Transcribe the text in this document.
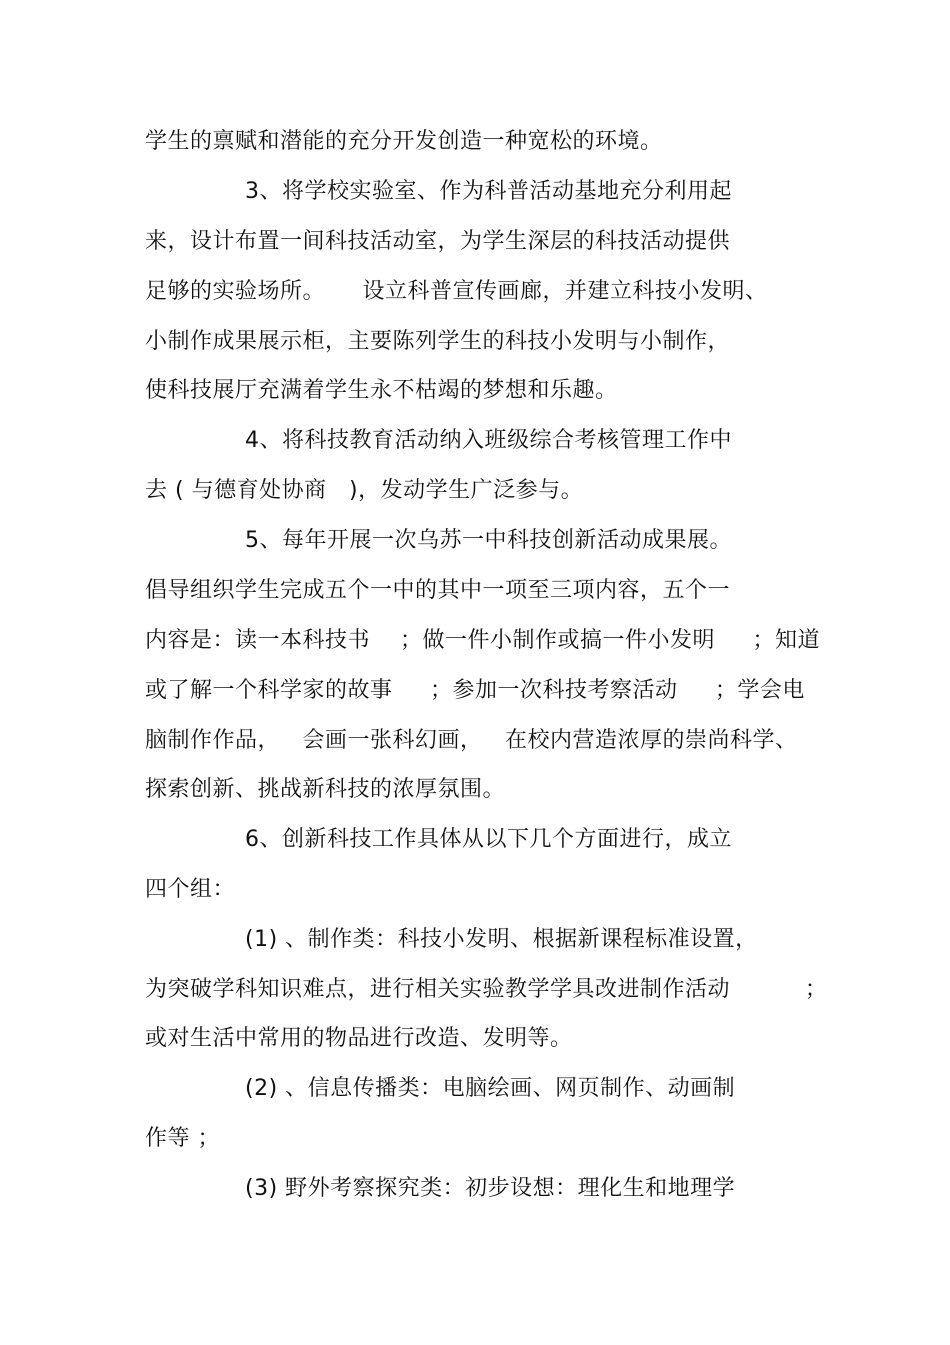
学生的禀赋和潜能的充分开发创造一种宽松的环境。
3、将学校实验室、作为科普活动基地充分利用起
来，设计布置一间科技活动室，为学生深层的科技活动提供
足够的实验场所。     设立科普宣传画廊，并建立科技小发明、
小制作成果展示柜，主要陈列学生的科技小发明与小制作，
使科技展厅充满着学生永不枯竭的梦想和乐趣。
4、将科技教育活动纳入班级综合考核管理工作中
去 ( 与德育处协商   )，发动学生广泛参与。
5、每年开展一次乌苏一中科技创新活动成果展。
倡导组织学生完成五个一中的其中一项至三项内容，五个一
内容是：读一本科技书    ；做一件小制作或搞一件小发明     ；知道
或了解一个科学家的故事     ；参加一次科技考察活动     ；学会电
脑制作作品，   会画一张科幻画，   在校内营造浓厚的崇尚科学、
探索创新、挑战新科技的浓厚氛围。
6、创新科技工作具体从以下几个方面进行，成立
四个组：
(1) 、制作类：科技小发明、根据新课程标准设置，
为突破学科知识难点，进行相关实验教学学具改进制作活动          ；
或对生活中常用的物品进行改造、发明等。
(2) 、信息传播类：电脑绘画、网页制作、动画制
作等 ；
(3) 野外考察探究类：初步设想：理化生和地理学
